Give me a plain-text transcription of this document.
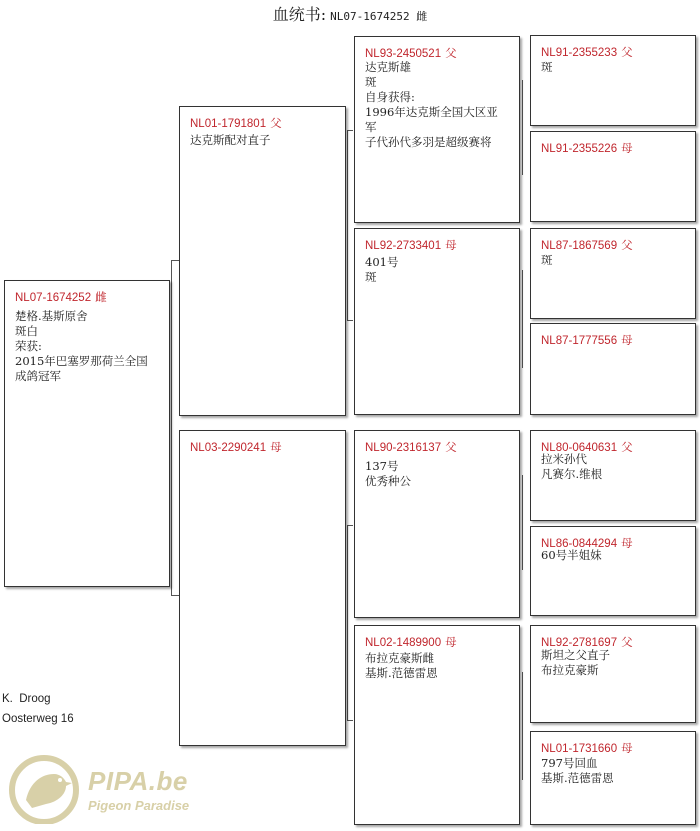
血统书: NL07-1674252 雌
NL07-1674252 雌
楚格.基斯原舍
斑白
荣获:
2015年巴塞罗那荷兰全国
成鸽冠军
NL01-1791801 父
达克斯配对直子
NL03-2290241 母
NL93-2450521 父
达克斯雄
斑
自身获得:
1996年达克斯全国大区亚
军
子代孙代多羽是超级赛将
NL92-2733401 母
401号
斑
NL90-2316137 父
137号
优秀种公
NL02-1489900 母
布拉克豪斯雌
基斯.范德雷恩
NL91-2355233 父
斑
NL91-2355226 母
NL87-1867569 父
斑
NL87-1777556 母
NL80-0640631 父
拉米孙代
凡赛尔.维根
NL86-0844294 母
60号半姐妹
NL92-2781697 父
斯坦之父直子
布拉克豪斯
NL01-1731660 母
797号回血
基斯.范德雷恩
K.  Droog
Oosterweg 16
PIPA.be
Pigeon Paradise
